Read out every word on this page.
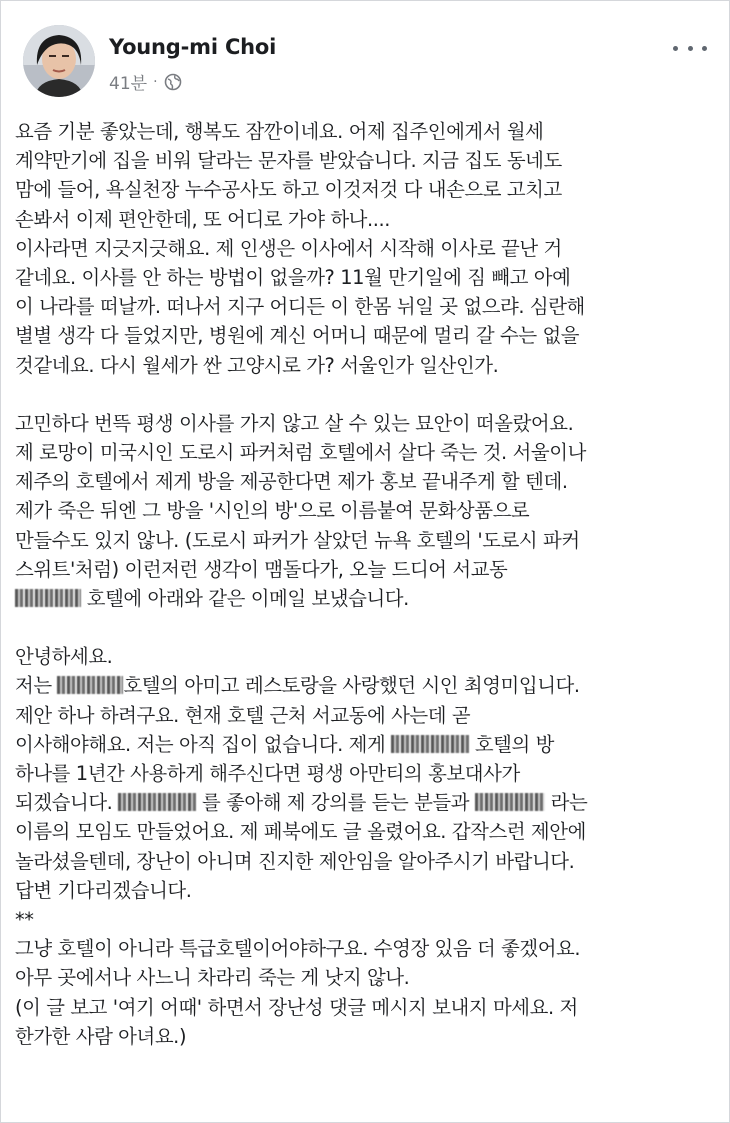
Young-mi Choi
41분 ·

요즘 기분 좋았는데, 행복도 잠깐이네요. 어제 집주인에게서 월세
계약만기에 집을 비워 달라는 문자를 받았습니다. 지금 집도 동네도
맘에 들어, 욕실천장 누수공사도 하고 이것저것 다 내손으로 고치고
손봐서 이제 편안한데, 또 어디로 가야 하나....
이사라면 지긋지긋해요. 제 인생은 이사에서 시작해 이사로 끝난 거
같네요. 이사를 안 하는 방법이 없을까? 11월 만기일에 짐 빼고 아예
이 나라를 떠날까. 떠나서 지구 어디든 이 한몸 뉘일 곳 없으랴. 심란해
별별 생각 다 들었지만, 병원에 계신 어머니 때문에 멀리 갈 수는 없을
것같네요. 다시 월세가 싼 고양시로 가? 서울인가 일산인가.

고민하다 번뜩 평생 이사를 가지 않고 살 수 있는 묘안이 떠올랐어요.
제 로망이 미국시인 도로시 파커처럼 호텔에서 살다 죽는 것. 서울이나
제주의 호텔에서 제게 방을 제공한다면 제가 홍보 끝내주게 할 텐데.
제가 죽은 뒤엔 그 방을 '시인의 방'으로 이름붙여 문화상품으로
만들수도 있지 않나. (도로시 파커가 살았던 뉴욕 호텔의 '도로시 파커
스위트'처럼) 이런저런 생각이 맴돌다가, 오늘 드디어 서교동

호텔에 아래와 같은 이메일 보냈습니다.

안녕하세요.

저는	호텔의 아미고 레스토랑을 사랑했던 시인 최영미입니다.

제안 하나 하려구요. 현재 호텔 근처 서교동에 사는데 곧
이사해야해요. 저는 아직 집이 없습니다. 제게	호텔의 방
하나를 1년간 사용하게 해주신다면 평생 아만티의 홍보대사가
되겠습니다.	를 좋아해 제 강의를 듣는 분들과	라는
이름의 모임도 만들었어요. 제 페북에도 글 올렸어요. 갑작스런 제안에
놀라셨을텐데, 장난이 아니며 진지한 제안임을 알아주시기 바랍니다.
답변 기다리겠습니다.
**
그냥 호텔이 아니라 특급호텔이어야하구요. 수영장 있음 더 좋겠어요.
아무 곳에서나 사느니 차라리 죽는 게 낫지 않나.
(이 글 보고 '여기 어때' 하면서 장난성 댓글 메시지 보내지 마세요. 저
한가한 사람 아녀요.)
